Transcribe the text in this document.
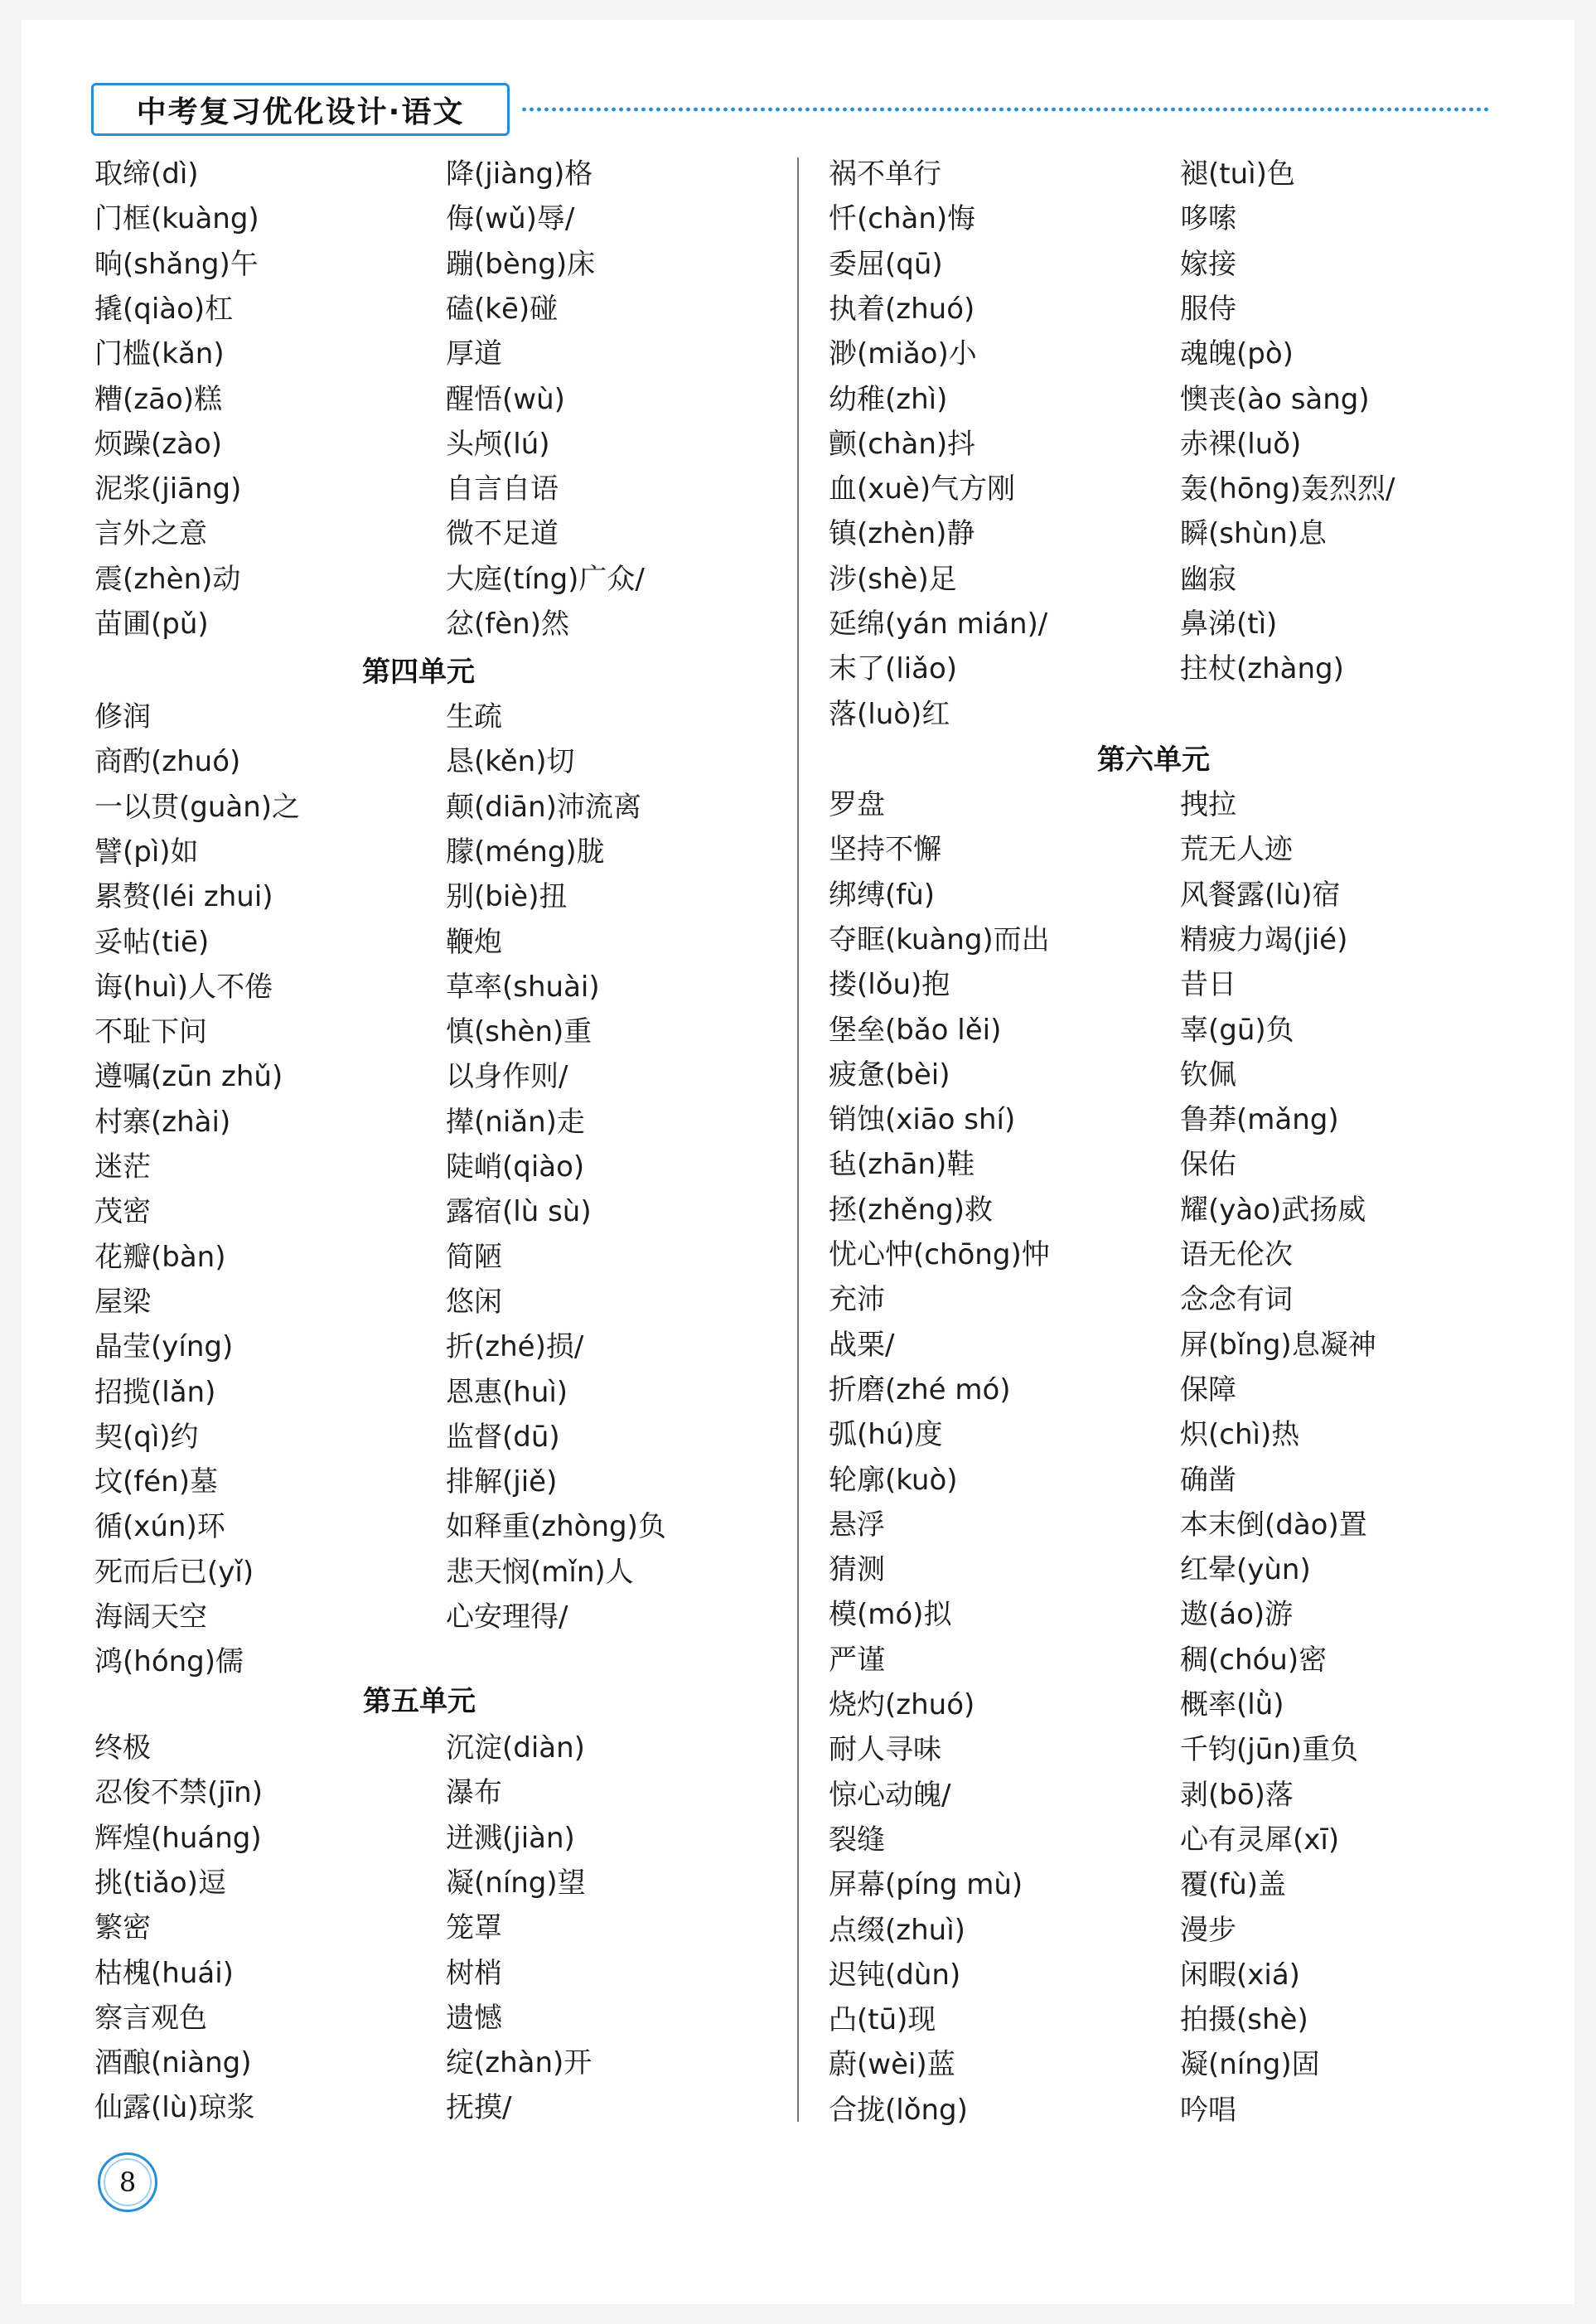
中考复习优化设计·语文
取缔(dì)
门框(kuàng)
晌(shǎng)午
撬(qiào)杠
门槛(kǎn)
糟(zāo)糕
烦躁(zào)
泥浆(jiāng)
言外之意
震(zhèn)动
苗圃(pǔ)
降(jiàng)格
侮(wǔ)辱/
蹦(bèng)床
磕(kē)碰
厚道
醒悟(wù)
头颅(lú)
自言自语
微不足道
大庭(tíng)广众/
忿(fèn)然
修润
商酌(zhuó)
一以贯(guàn)之
譬(pì)如
累赘(léi zhui)
妥帖(tiē)
诲(huì)人不倦
不耻下问
遵嘱(zūn zhǔ)
村寨(zhài)
迷茫
茂密
花瓣(bàn)
屋梁
晶莹(yíng)
招揽(lǎn)
契(qì)约
坟(fén)墓
循(xún)环
死而后已(yǐ)
海阔天空
鸿(hóng)儒
生疏
恳(kěn)切
颠(diān)沛流离
朦(méng)胧
别(biè)扭
鞭炮
草率(shuài)
慎(shèn)重
以身作则/
撵(niǎn)走
陡峭(qiào)
露宿(lù sù)
简陋
悠闲
折(zhé)损/
恩惠(huì)
监督(dū)
排解(jiě)
如释重(zhòng)负
悲天悯(mǐn)人
心安理得/
终极
忍俊不禁(jīn)
辉煌(huáng)
挑(tiǎo)逗
繁密
枯槐(huái)
察言观色
酒酿(niàng)
仙露(lù)琼浆
沉淀(diàn)
瀑布
迸溅(jiàn)
凝(níng)望
笼罩
树梢
遗憾
绽(zhàn)开
抚摸/
祸不单行
忏(chàn)悔
委屈(qū)
执着(zhuó)
渺(miǎo)小
幼稚(zhì)
颤(chàn)抖
血(xuè)气方刚
镇(zhèn)静
涉(shè)足
延绵(yán mián)/
末了(liǎo)
落(luò)红
褪(tuì)色
哆嗦
嫁接
服侍
魂魄(pò)
懊丧(ào sàng)
赤裸(luǒ)
轰(hōng)轰烈烈/
瞬(shùn)息
幽寂
鼻涕(tì)
拄杖(zhàng)
罗盘
坚持不懈
绑缚(fù)
夺眶(kuàng)而出
搂(lǒu)抱
堡垒(bǎo lěi)
疲惫(bèi)
销蚀(xiāo shí)
毡(zhān)鞋
拯(zhěng)救
忧心忡(chōng)忡
充沛
战栗/
折磨(zhé mó)
弧(hú)度
轮廓(kuò)
悬浮
猜测
模(mó)拟
严谨
烧灼(zhuó)
耐人寻味
惊心动魄/
裂缝
屏幕(píng mù)
点缀(zhuì)
迟钝(dùn)
凸(tū)现
蔚(wèi)蓝
合拢(lǒng)
拽拉
荒无人迹
风餐露(lù)宿
精疲力竭(jié)
昔日
辜(gū)负
钦佩
鲁莽(mǎng)
保佑
耀(yào)武扬威
语无伦次
念念有词
屏(bǐng)息凝神
保障
炽(chì)热
确凿
本末倒(dào)置
红晕(yùn)
遨(áo)游
稠(chóu)密
概率(lǜ)
千钧(jūn)重负
剥(bō)落
心有灵犀(xī)
覆(fù)盖
漫步
闲暇(xiá)
拍摄(shè)
凝(níng)固
吟唱
第四单元
第五单元
第六单元
8
